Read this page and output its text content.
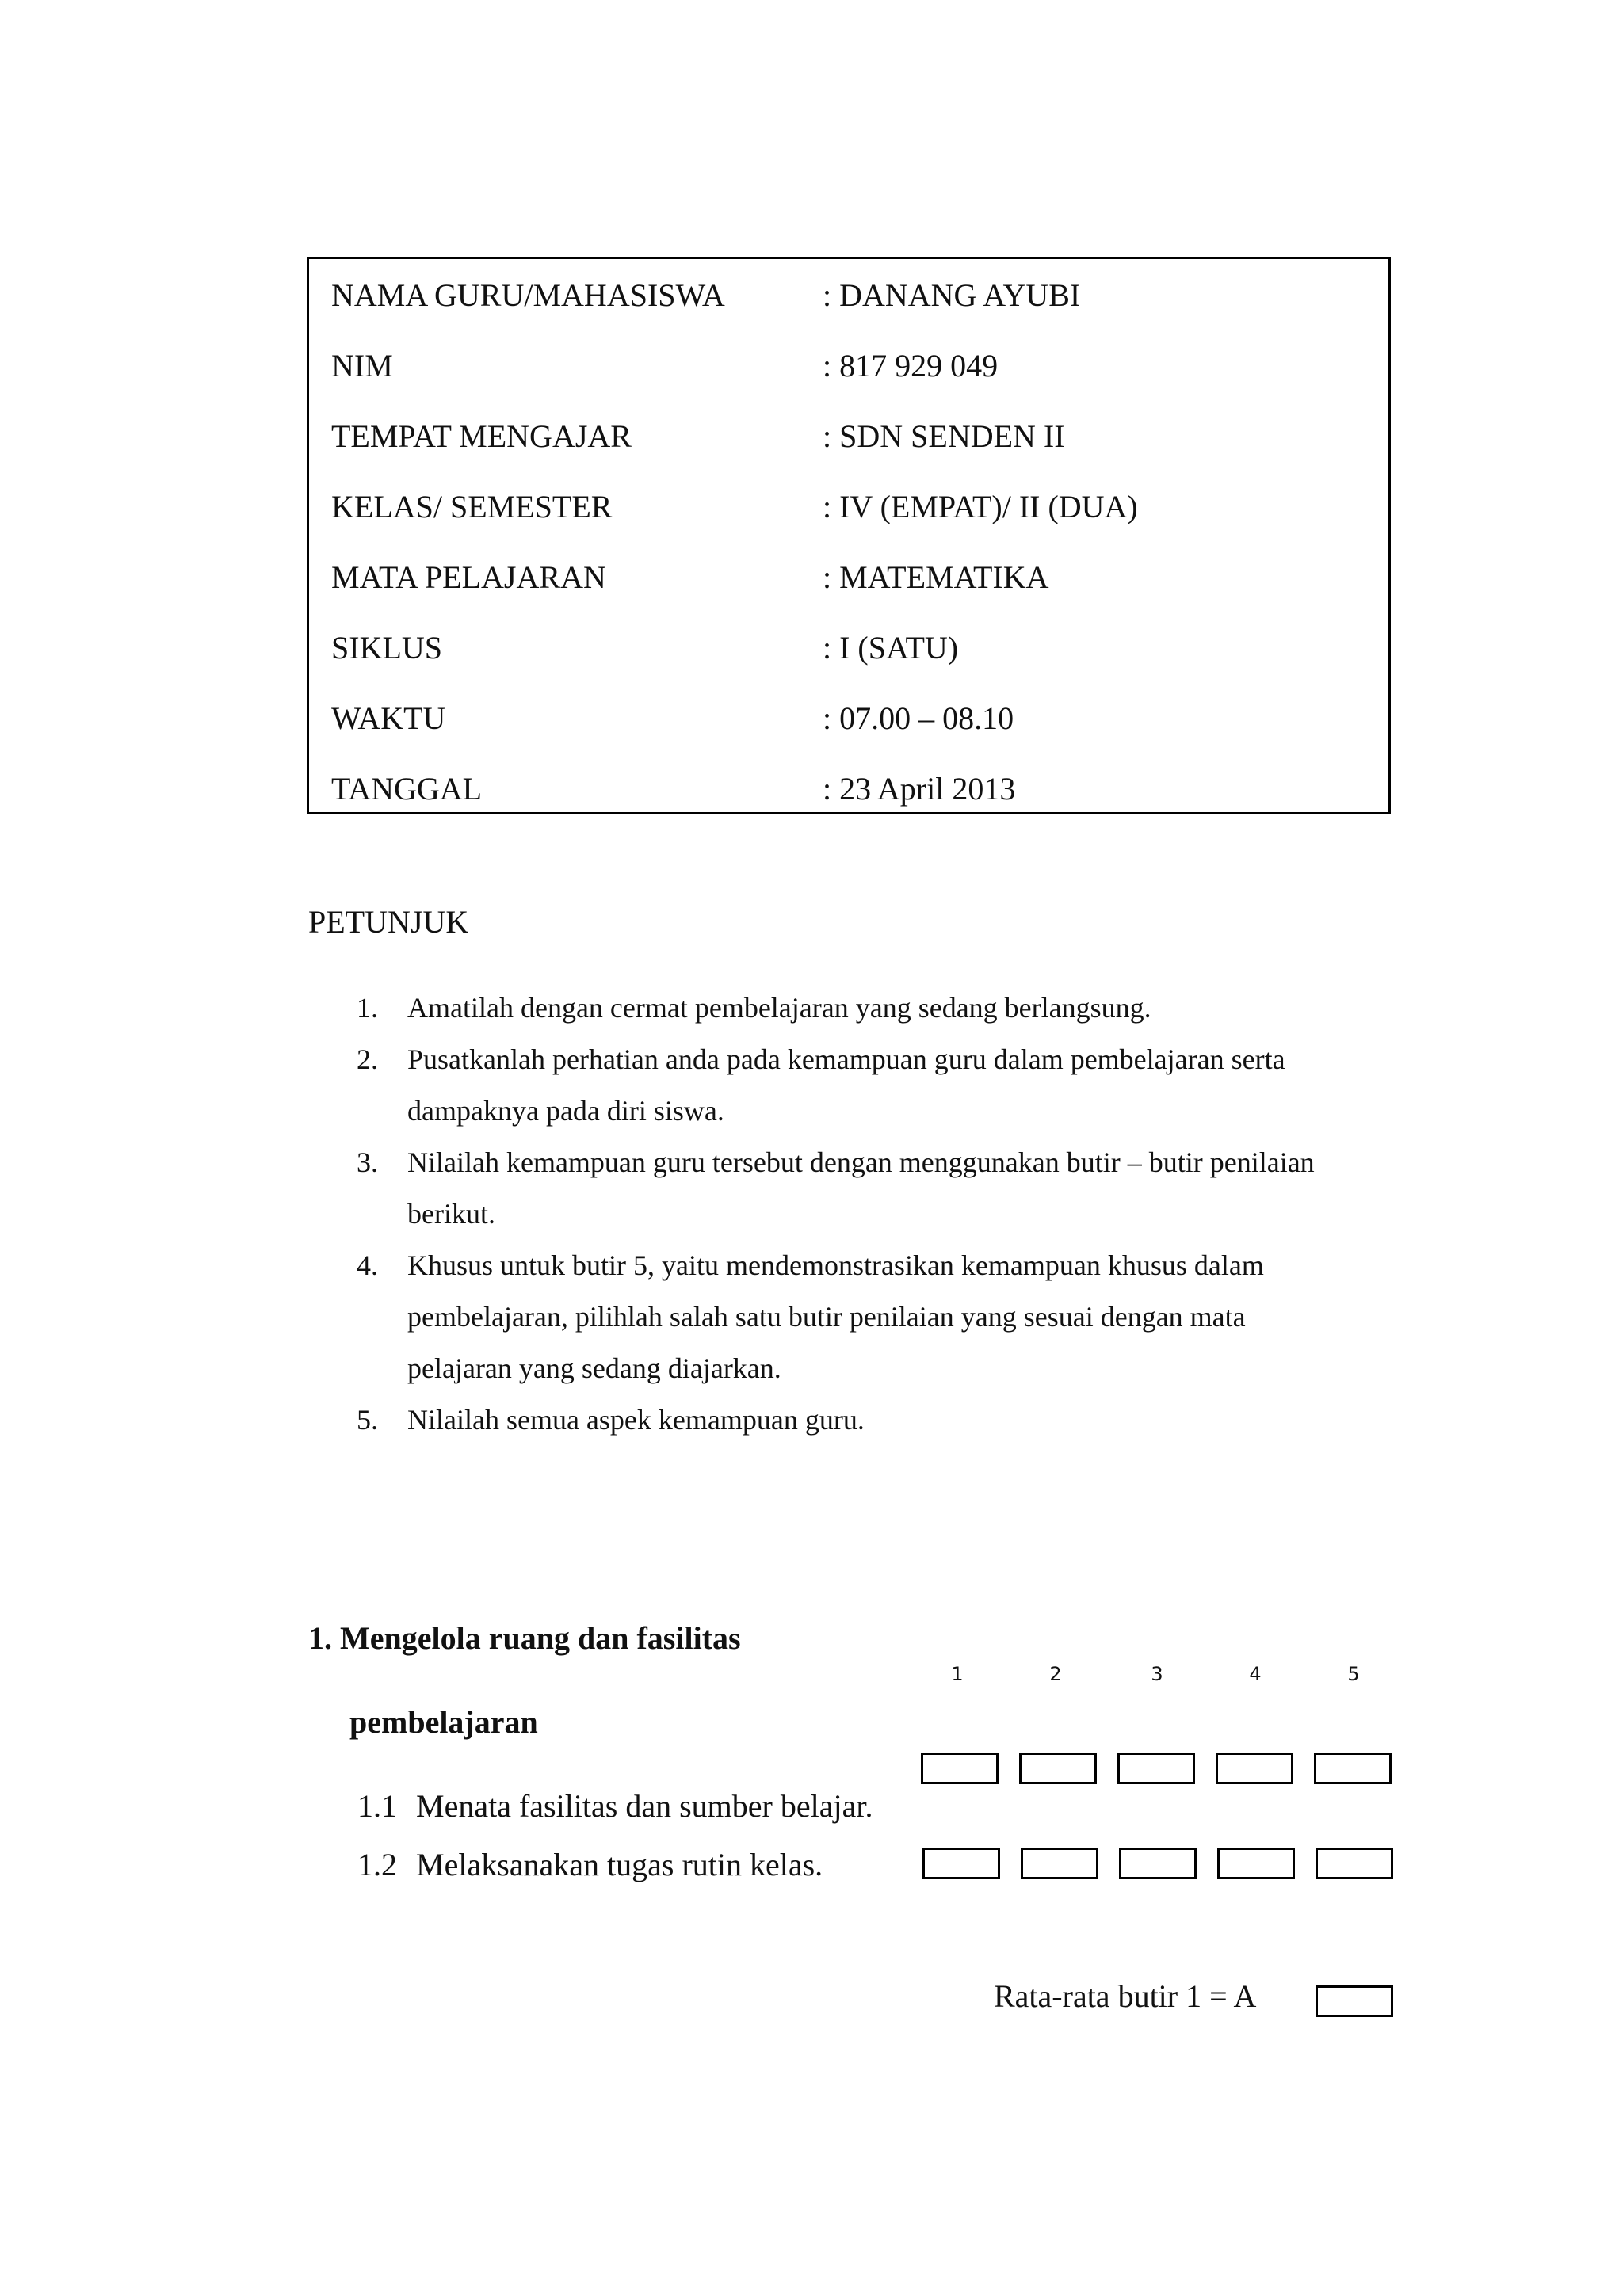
NAMA GURU/MAHASISWA	: DANANG AYUBI
NIM	: 817 929 049
TEMPAT MENGAJAR	: SDN SENDEN II
KELAS/ SEMESTER	: IV (EMPAT)/ II (DUA)
MATA PELAJARAN	: MATEMATIKA
SIKLUS	: I (SATU)
WAKTU	: 07.00 – 08.10
TANGGAL	: 23 April 2013
PETUNJUK
1. Amatilah dengan cermat pembelajaran yang sedang berlangsung.
2. Pusatkanlah perhatian anda pada kemampuan guru dalam pembelajaran serta
dampaknya pada diri siswa.
3. Nilailah kemampuan guru tersebut dengan menggunakan butir – butir penilaian
berikut.
4. Khusus untuk butir 5, yaitu mendemonstrasikan kemampuan khusus dalam
pembelajaran, pilihlah salah satu butir penilaian yang sesuai dengan mata
pelajaran yang sedang diajarkan.
5. Nilailah semua aspek kemampuan guru.
1. Mengelola ruang dan fasilitas
pembelajaran
1	2	3	4	5
1.1 Menata fasilitas dan sumber belajar.
1.2 Melaksanakan tugas rutin kelas.
Rata-rata butir 1 = A
